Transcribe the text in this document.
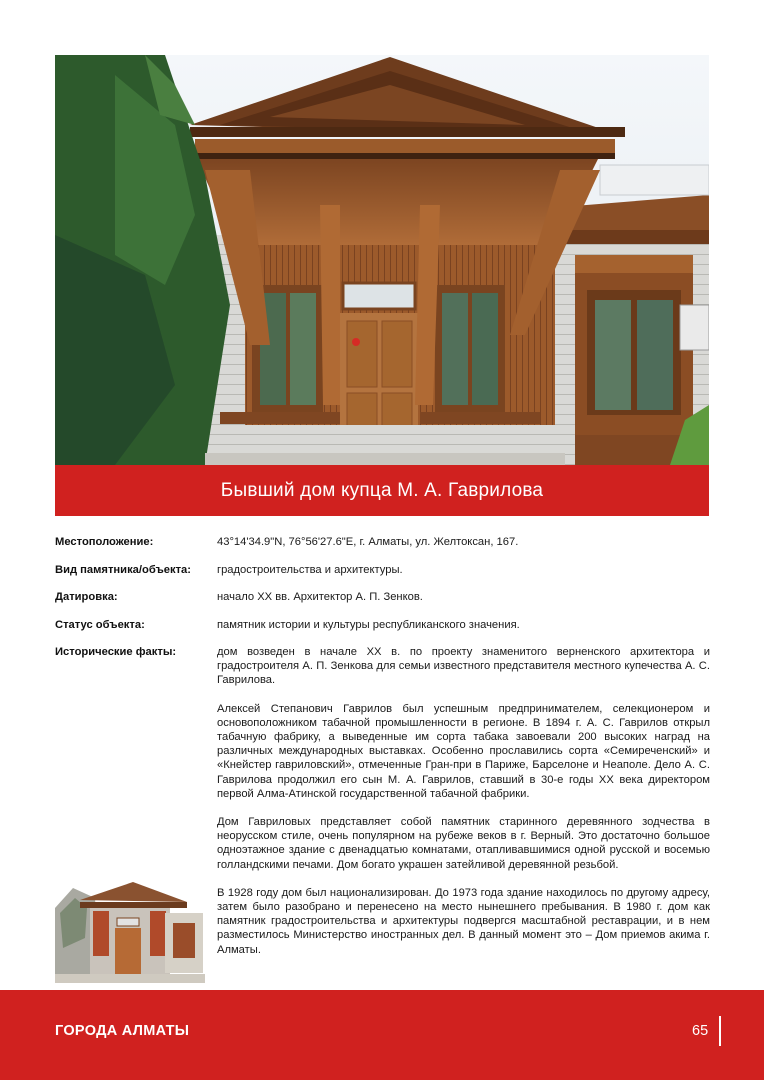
Бывший дом купца М. А. Гаврилова
Местоположение:	43°14'34.9"N, 76°56'27.6"E, г. Алматы, ул. Желтоксан, 167.
Вид памятника/объекта:	градостроительства и архитектуры.
Датировка:	начало ХХ вв. Архитектор А. П. Зенков.
Статус объекта:	памятник истории и культуры республиканского значения.
Исторические факты:	дом возведен в начале ХХ в. по проекту знаменитого верненского архитектора и градостроителя А. П. Зенкова для семьи известного представителя местного купечества А. С. Гаврилова.

Алексей Степанович Гаврилов был успешным предпринимателем, селекционером и основоположником табачной промышленности в регионе. В 1894 г. А. С. Гаврилов открыл табачную фабрику, а выведенные им сорта табака завоевали 200 высоких наград на различных международных выставках. Особенно прославились сорта «Семиреченский» и «Кнейстер гавриловский», отмеченные Гран-при в Париже, Барселоне и Неаполе. Дело А. С. Гаврилова продолжил его сын М. А. Гаврилов, ставший в 30-е годы ХХ века директором первой Алма-Атинской государственной табачной фабрики.

Дом Гавриловых представляет собой памятник старинного деревянного зодчества в неорусском стиле, очень популярном на рубеже веков в г. Верный. Это достаточно большое одноэтажное здание с двенадцатью комнатами, отапливавшимися одной русской и восемью голландскими печами. Дом богато украшен затейливой деревянной резьбой.

В 1928 году дом был национализирован. До 1973 года здание находилось по другому адресу, затем было разобрано и перенесено на место нынешнего пребывания. В 1980 г. дом как памятник градостроительства и архитектуры подвергся масштабной реставрации, и в нем разместилось Министерство иностранных дел. В данный момент это – Дом приемов акима г. Алматы.

ГОРОДА АЛМАТЫ	65
